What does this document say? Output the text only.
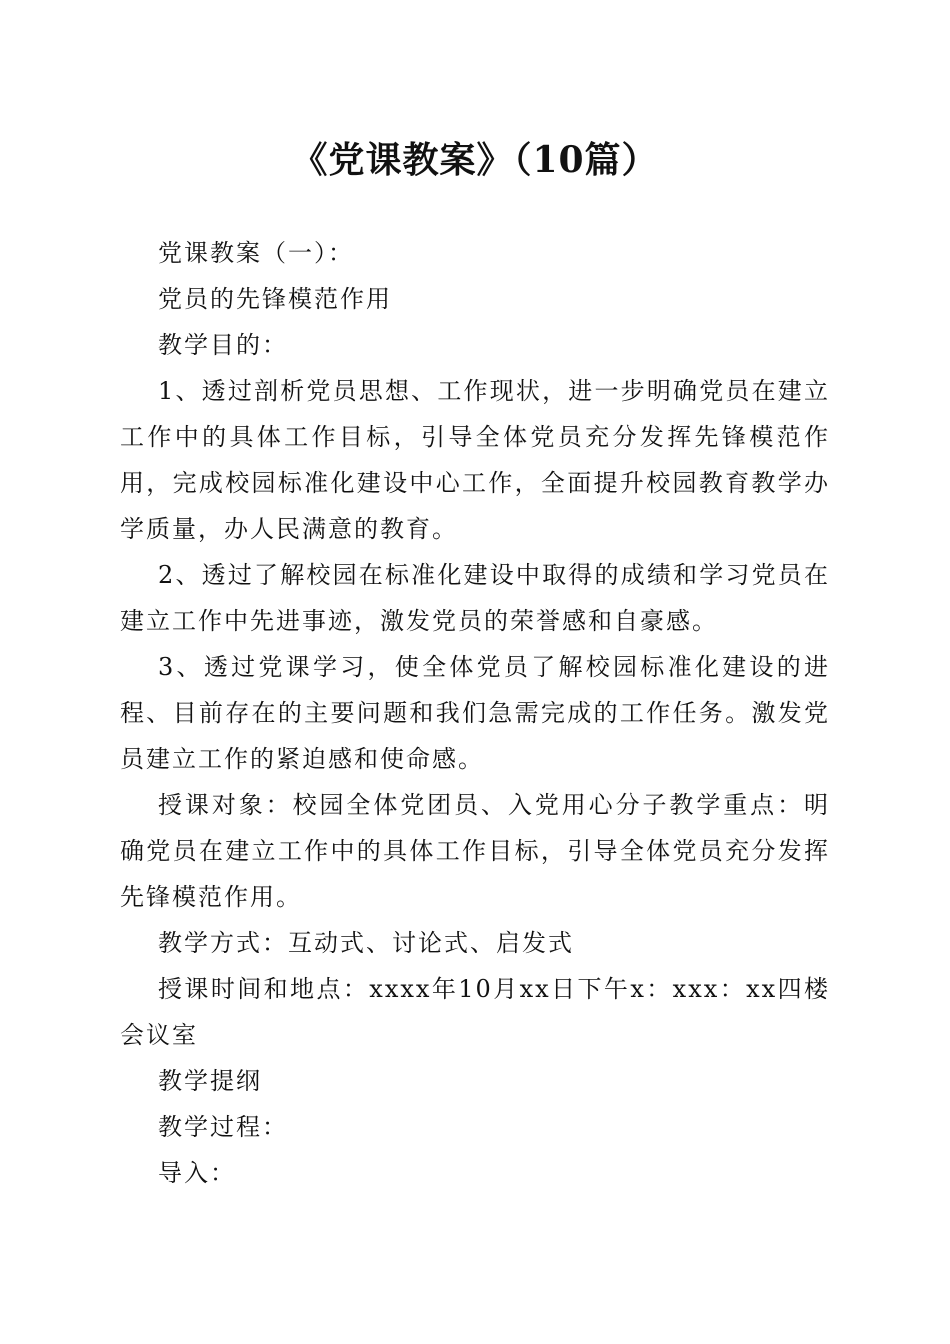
《党课教案》（10篇）

党课教案（一）：

党员的先锋模范作用

教学目的：

1、透过剖析党员思想、工作现状，进一步明确党员在建立工作中的具体工作目标，引导全体党员充分发挥先锋模范作用，完成校园标准化建设中心工作，全面提升校园教育教学办学质量，办人民满意的教育。

2、透过了解校园在标准化建设中取得的成绩和学习党员在建立工作中先进事迹，激发党员的荣誉感和自豪感。

3、透过党课学习，使全体党员了解校园标准化建设的进程、目前存在的主要问题和我们急需完成的工作任务。激发党员建立工作的紧迫感和使命感。

授课对象：校园全体党团员、入党用心分子教学重点：明确党员在建立工作中的具体工作目标，引导全体党员充分发挥先锋模范作用。

教学方式：互动式、讨论式、启发式

授课时间和地点：xxxx年10月xx日下午x：xxx：xx四楼会议室

教学提纲

教学过程：

导入：
